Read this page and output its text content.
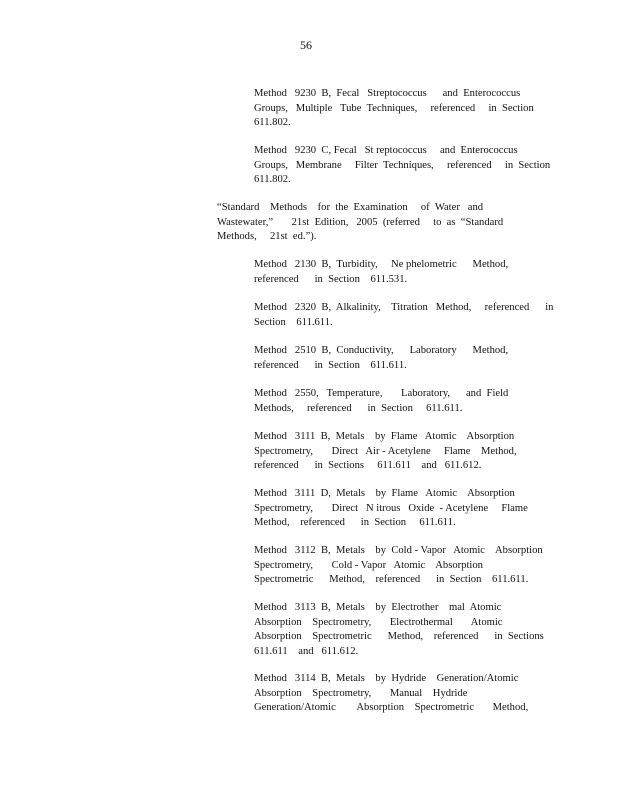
56
Method   9230  B,  Fecal   Streptococcus      and  Enterococcus
Groups,   Multiple   Tube  Techniques,     referenced     in  Section
611.802.
Method   9230  C, Fecal   St reptococcus     and  Enterococcus
Groups,   Membrane     Filter  Techniques,     referenced     in  Section
611.802.
“Standard    Methods    for  the  Examination     of  Water   and
Wastewater,”       21st  Edition,   2005  (referred     to  as  “Standard
Methods,     21st  ed.”).
Method   2130  B,  Turbidity,     Ne phelometric      Method,
referenced      in  Section    611.531.
Method   2320  B,  Alkalinity,    Titration   Method,     referenced      in
Section    611.611.
Method   2510  B,  Conductivity,      Laboratory      Method,
referenced      in  Section    611.611.
Method   2550,   Temperature,       Laboratory,      and  Field
Methods,     referenced      in  Section     611.611.
Method   3111  B,  Metals    by  Flame   Atomic    Absorption
Spectrometry,       Direct   Air - Acetylene     Flame    Method,
referenced      in  Sections     611.611    and   611.612.
Method   3111  D,  Metals    by  Flame   Atomic    Absorption
Spectrometry,       Direct   N itrous   Oxide  - Acetylene     Flame
Method,    referenced      in  Section     611.611.
Method   3112  B,  Metals    by  Cold - Vapor   Atomic    Absorption
Spectrometry,       Cold - Vapor   Atomic    Absorption
Spectrometric      Method,    referenced      in  Section    611.611.
Method   3113  B,  Metals    by  Electrother    mal  Atomic
Absorption    Spectrometry,       Electrothermal       Atomic
Absorption    Spectrometric      Method,    referenced      in  Sections
611.611    and   611.612.
Method   3114  B,  Metals    by  Hydride    Generation/Atomic
Absorption    Spectrometry,       Manual    Hydride
Generation/Atomic        Absorption    Spectrometric       Method,
